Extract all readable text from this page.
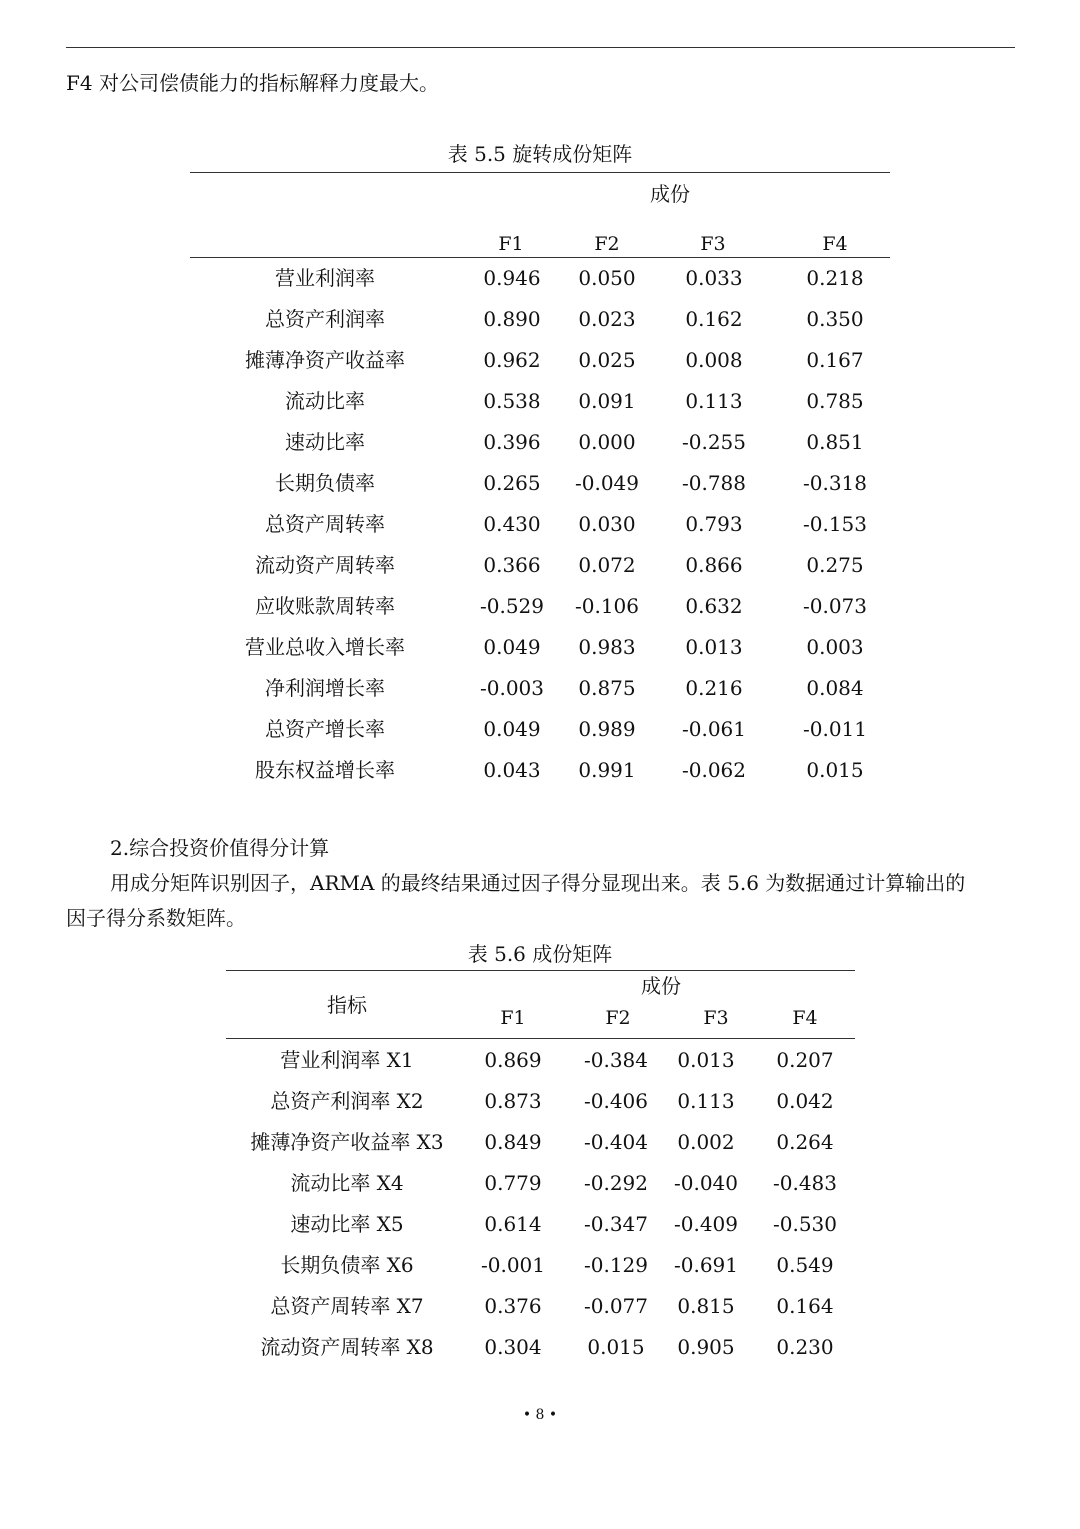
F4 对公司偿债能力的指标解释力度最大。
表 5.5 旋转成份矩阵
成份
F1	F2	F3	F4
营业利润率	0.946	0.050	0.033	0.218
总资产利润率	0.890	0.023	0.162	0.350
摊薄净资产收益率	0.962	0.025	0.008	0.167
流动比率	0.538	0.091	0.113	0.785
速动比率	0.396	0.000	-0.255	0.851
长期负债率	0.265	-0.049	-0.788	-0.318
总资产周转率	0.430	0.030	0.793	-0.153
流动资产周转率	0.366	0.072	0.866	0.275
应收账款周转率	-0.529	-0.106	0.632	-0.073
营业总收入增长率	0.049	0.983	0.013	0.003
净利润增长率	-0.003	0.875	0.216	0.084
总资产增长率	0.049	0.989	-0.061	-0.011
股东权益增长率	0.043	0.991	-0.062	0.015
2.综合投资价值得分计算
用成分矩阵识别因子，ARMA 的最终结果通过因子得分显现出来。表 5.6 为数据通过计算输出的
因子得分系数矩阵。
表 5.6 成份矩阵
指标
成份
F1	F2	F3	F4
营业利润率 X1	0.869	-0.384	0.013	0.207
总资产利润率 X2	0.873	-0.406	0.113	0.042
摊薄净资产收益率 X3	0.849	-0.404	0.002	0.264
流动比率 X4	0.779	-0.292	-0.040	-0.483
速动比率 X5	0.614	-0.347	-0.409	-0.530
长期负债率 X6	-0.001	-0.129	-0.691	0.549
总资产周转率 X7	0.376	-0.077	0.815	0.164
流动资产周转率 X8	0.304	0.015	0.905	0.230
• 8 •
